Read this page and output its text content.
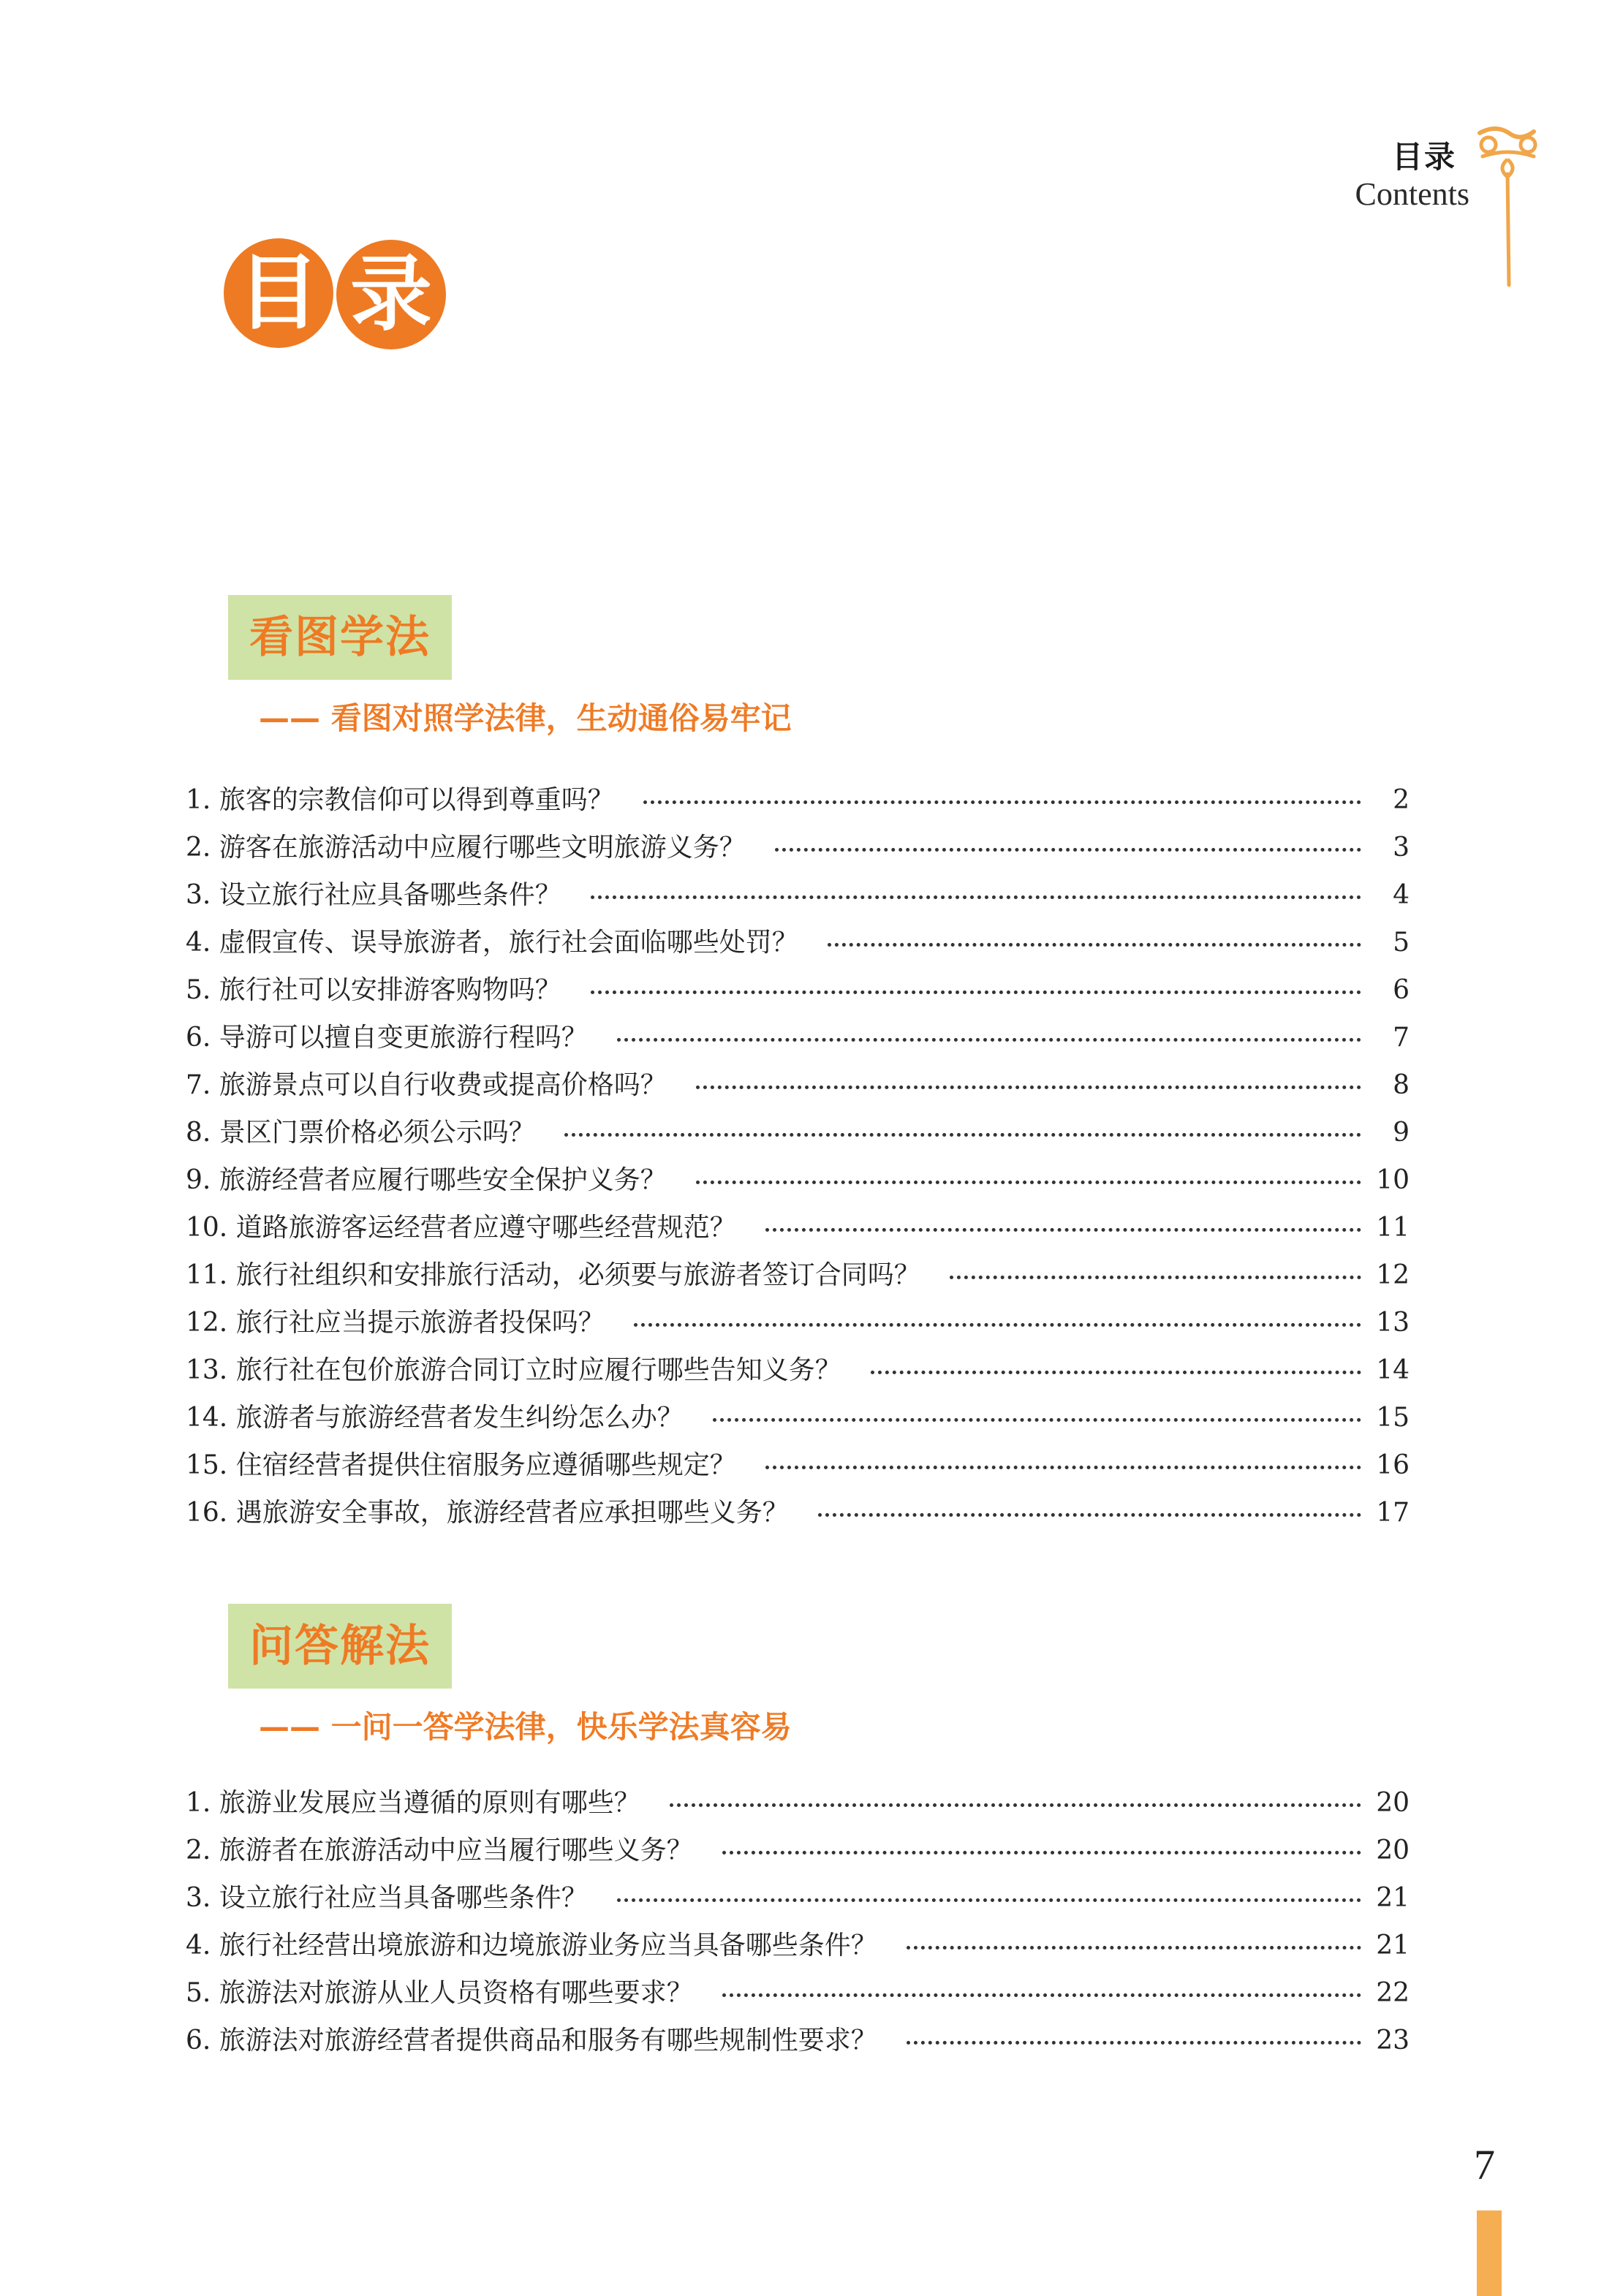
目录
Contents
目 录
看图学法
—— 看图对照学法律，生动通俗易牢记
1. 旅客的宗教信仰可以得到尊重吗？	2
2. 游客在旅游活动中应履行哪些文明旅游义务？	3
3. 设立旅行社应具备哪些条件？	4
4. 虚假宣传、误导旅游者，旅行社会面临哪些处罚？	5
5. 旅行社可以安排游客购物吗？	6
6. 导游可以擅自变更旅游行程吗？	7
7. 旅游景点可以自行收费或提高价格吗？	8
8. 景区门票价格必须公示吗？	9
9. 旅游经营者应履行哪些安全保护义务？	10
10. 道路旅游客运经营者应遵守哪些经营规范？	11
11. 旅行社组织和安排旅行活动，必须要与旅游者签订合同吗？	12
12. 旅行社应当提示旅游者投保吗？	13
13. 旅行社在包价旅游合同订立时应履行哪些告知义务？	14
14. 旅游者与旅游经营者发生纠纷怎么办？	15
15. 住宿经营者提供住宿服务应遵循哪些规定？	16
16. 遇旅游安全事故，旅游经营者应承担哪些义务？	17
问答解法
—— 一问一答学法律，快乐学法真容易
1. 旅游业发展应当遵循的原则有哪些？	20
2. 旅游者在旅游活动中应当履行哪些义务？	20
3. 设立旅行社应当具备哪些条件？	21
4. 旅行社经营出境旅游和边境旅游业务应当具备哪些条件？	21
5. 旅游法对旅游从业人员资格有哪些要求？	22
6. 旅游法对旅游经营者提供商品和服务有哪些规制性要求？	23
7
